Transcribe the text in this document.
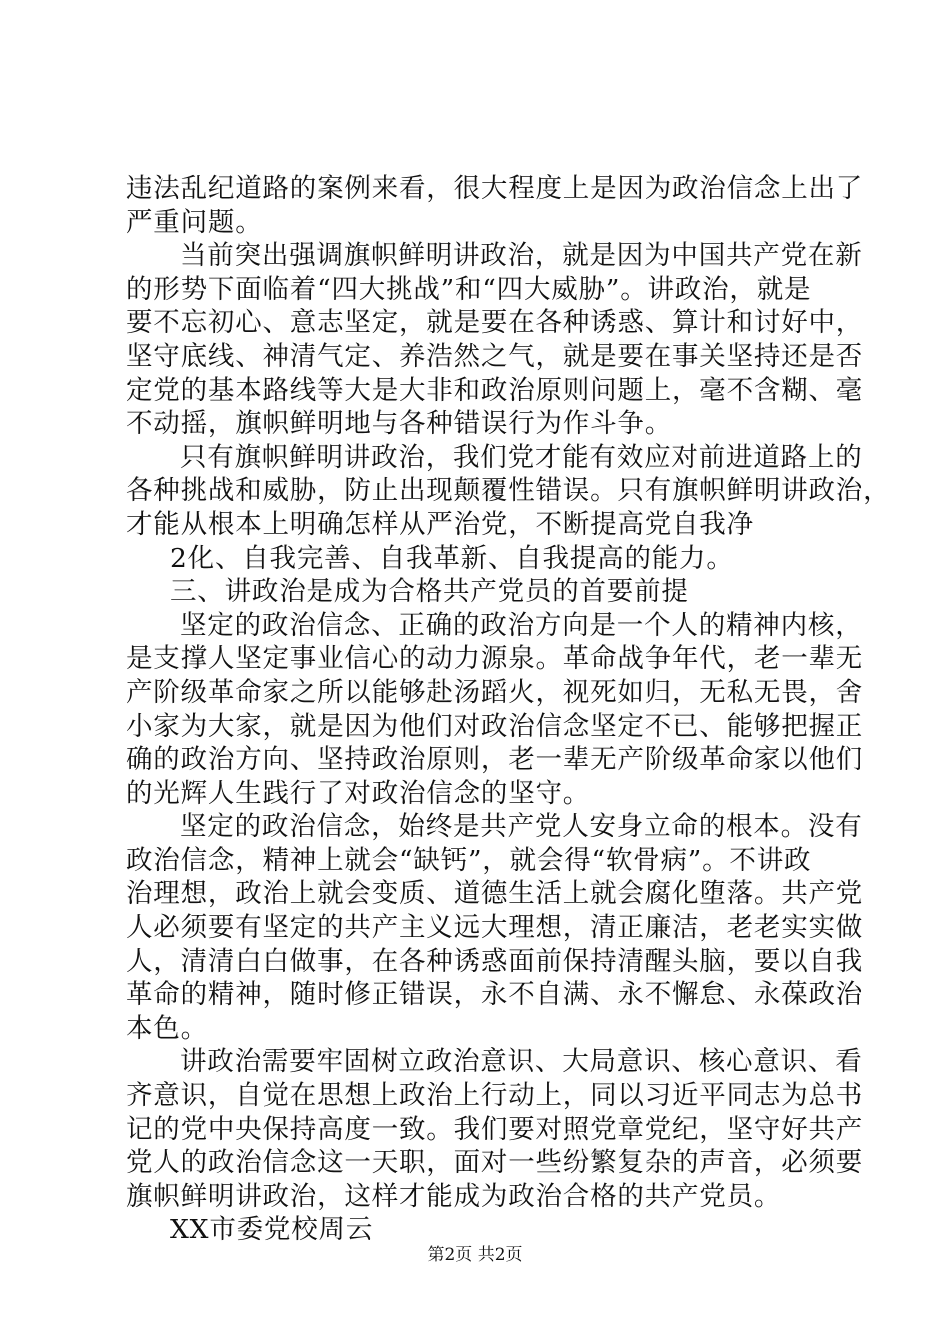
违法乱纪道路的案例来看，很大程度上是因为政治信念上出了
严重问题。
当前突出强调旗帜鲜明讲政治，就是因为中国共产党在新
的形势下面临着“四大挑战”和“四大威胁”。讲政治，就是
要不忘初心、意志坚定，就是要在各种诱惑、算计和讨好中，
坚守底线、神清气定、养浩然之气，就是要在事关坚持还是否
定党的基本路线等大是大非和政治原则问题上，毫不含糊、毫
不动摇，旗帜鲜明地与各种错误行为作斗争。
只有旗帜鲜明讲政治，我们党才能有效应对前进道路上的
各种挑战和威胁，防止出现颠覆性错误。只有旗帜鲜明讲政治，
才能从根本上明确怎样从严治党，不断提高党自我净
2化、自我完善、自我革新、自我提高的能力。
三、讲政治是成为合格共产党员的首要前提
坚定的政治信念、正确的政治方向是一个人的精神内核，
是支撑人坚定事业信心的动力源泉。革命战争年代，老一辈无
产阶级革命家之所以能够赴汤蹈火，视死如归，无私无畏，舍
小家为大家，就是因为他们对政治信念坚定不已、能够把握正
确的政治方向、坚持政治原则，老一辈无产阶级革命家以他们
的光辉人生践行了对政治信念的坚守。
坚定的政治信念，始终是共产党人安身立命的根本。没有
政治信念，精神上就会“缺钙”，就会得“软骨病”。不讲政
治理想，政治上就会变质、道德生活上就会腐化堕落。共产党
人必须要有坚定的共产主义远大理想，清正廉洁，老老实实做
人，清清白白做事，在各种诱惑面前保持清醒头脑，要以自我
革命的精神，随时修正错误，永不自满、永不懈怠、永葆政治
本色。
讲政治需要牢固树立政治意识、大局意识、核心意识、看
齐意识，自觉在思想上政治上行动上，同以习近平同志为总书
记的党中央保持高度一致。我们要对照党章党纪，坚守好共产
党人的政治信念这一天职，面对一些纷繁复杂的声音，必须要
旗帜鲜明讲政治，这样才能成为政治合格的共产党员。
XX市委党校周云
第2页 共2页
